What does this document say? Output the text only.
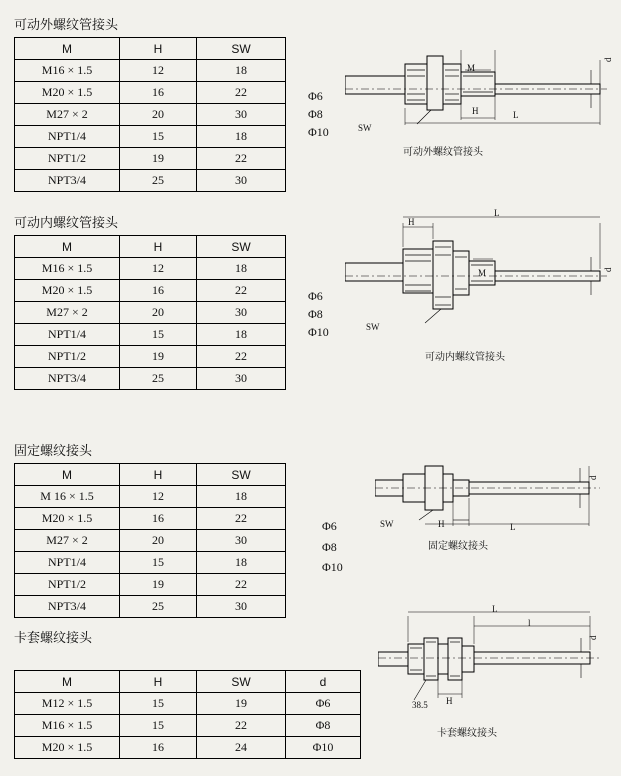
可动外螺纹管接头
M	H	SW
M16 × 1.5	12	18
M20 × 1.5	16	22
M27 × 2	20	30
NPT1/4	15	18
NPT1/2	19	22
NPT3/4	25	30
Φ6
Φ8
Φ10
M
H	L
SW
d
可动外螺纹管接头
可动内螺纹管接头
M	H	SW
M16 × 1.5	12	18
M20 × 1.5	16	22
M27 × 2	20	30
NPT1/4	15	18
NPT1/2	19	22
NPT3/4	25	30
Φ6
Φ8
Φ10
H
L
M
SW
d
可动内螺纹管接头
固定螺纹接头
M	H	SW
M 16 × 1.5	12	18
M20 × 1.5	16	22
M27 × 2	20	30
NPT1/4	15	18
NPT1/2	19	22
NPT3/4	25	30
Φ6
Φ8
Φ10
SW	H	L
d
固定螺纹接头
卡套螺纹接头
M	H	SW	d
M12 × 1.5	15	19	Φ6
M16 × 1.5	15	22	Φ8
M20 × 1.5	16	24	Φ10
L
l
38.5 H
d
卡套螺纹接头
